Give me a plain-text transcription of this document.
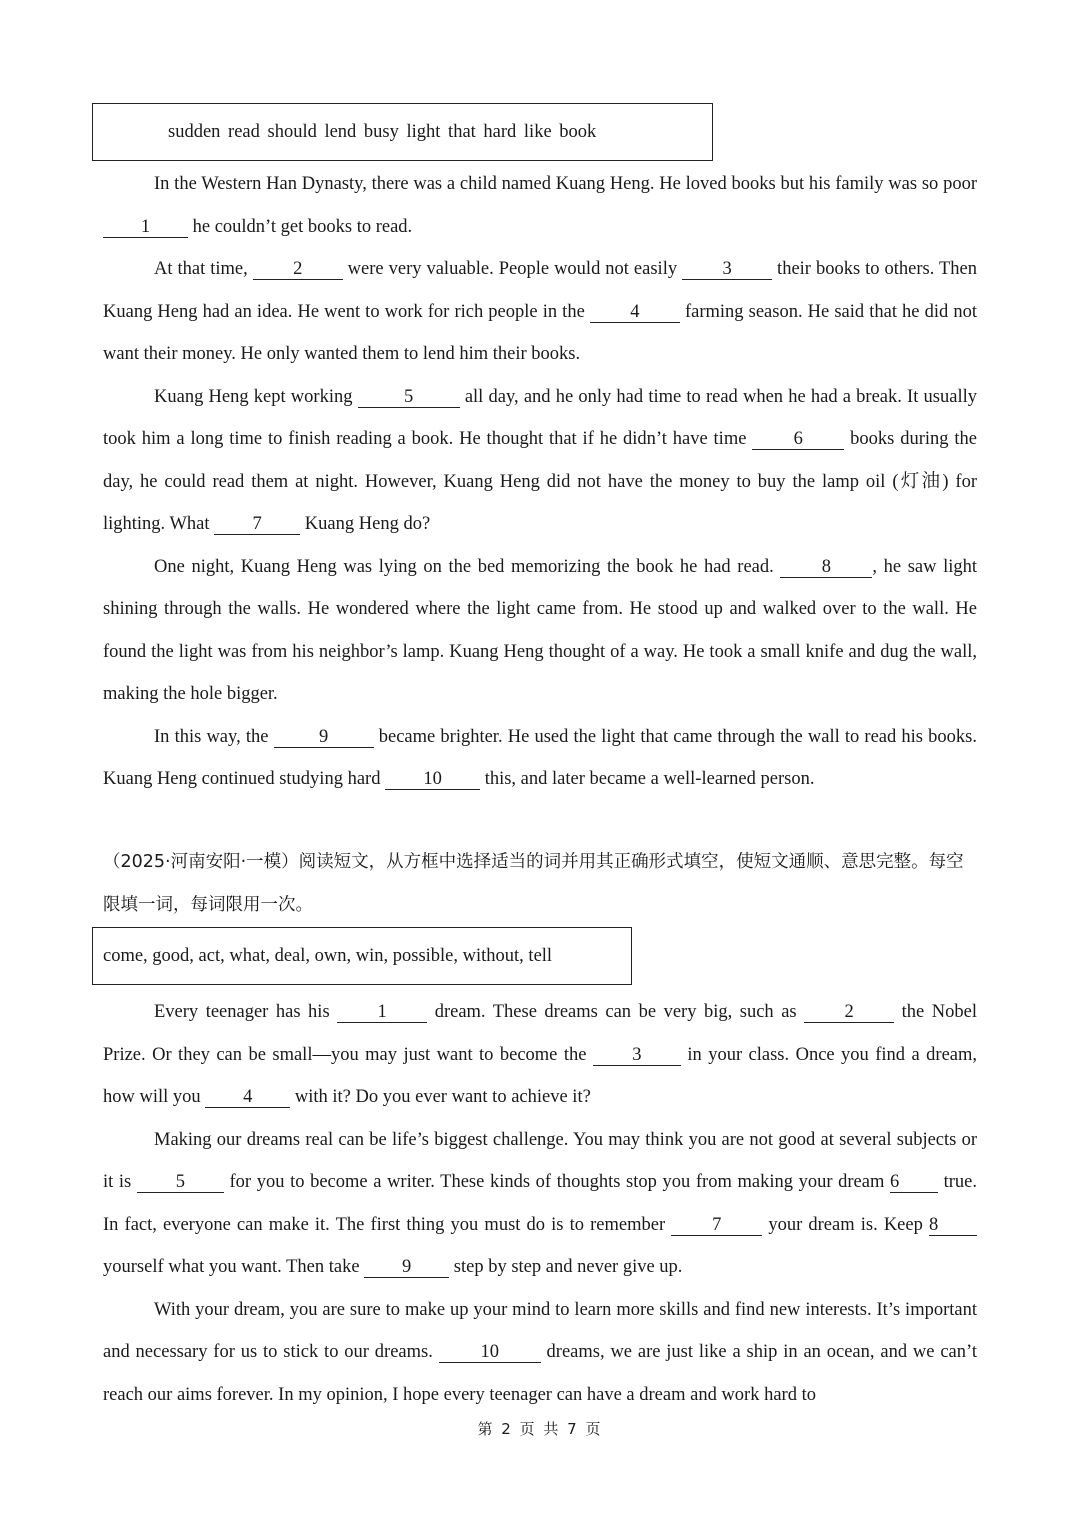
sudden read should lend busy light that hard like book

In the Western Han Dynasty, there was a child named Kuang Heng. He loved books but his family was so poor 1 he couldn’t get books to read.

At that time, 2 were very valuable. People would not easily 3 their books to others. Then Kuang Heng had an idea. He went to work for rich people in the 4 farming season. He said that he did not want their money. He only wanted them to lend him their books.

Kuang Heng kept working	5	all day, and he only had time to read when he had a break. It usually took him a long time to finish reading a book. He thought that if he didn’t have time 6 books during the day, he could read them at night. However, Kuang Heng did not have the money to buy the lamp oil (灯油) for lighting. What 7 Kuang Heng do?

One night, Kuang Heng was lying on the bed memorizing the book he had read. 8 , he saw light shining through the walls. He wondered where the light came from. He stood up and walked over to the wall. He found the light was from his neighbor’s lamp. Kuang Heng thought of a way. He took a small knife and dug the wall, making the hole bigger.

In this way, the 9 became brighter. He used the light that came through the wall to read his books. Kuang Heng continued studying hard 10 this, and later became a well-learned person.

（2025·河南安阳·一模）阅读短文，从方框中选择适当的词并用其正确形式填空，使短文通顺、意思完整。每空限填一词，每词限用一次。

come, good, act, what, deal, own, win, possible, without, tell

Every teenager has his 1 dream. These dreams can be very big, such as 2 the Nobel Prize. Or they can be small—you may just want to become the 3 in your class. Once you find a dream, how will you 4 with it? Do you ever want to achieve it?

Making our dreams real can be life’s biggest challenge. You may think you are not good at several subjects or it is 5 for you to become a writer. These kinds of thoughts stop you from making your dream 6 true. In fact, everyone can make it. The first thing you must do is to remember 7 your dream is. Keep 8 yourself what you want. Then take 9 step by step and never give up.

With your dream, you are sure to make up your mind to learn more skills and find new interests. It’s important and necessary for us to stick to our dreams. 10 dreams, we are just like a ship in an ocean, and we can’t reach our aims forever. In my opinion, I hope every teenager can have a dream and work hard to

第 2 页 共 7 页
